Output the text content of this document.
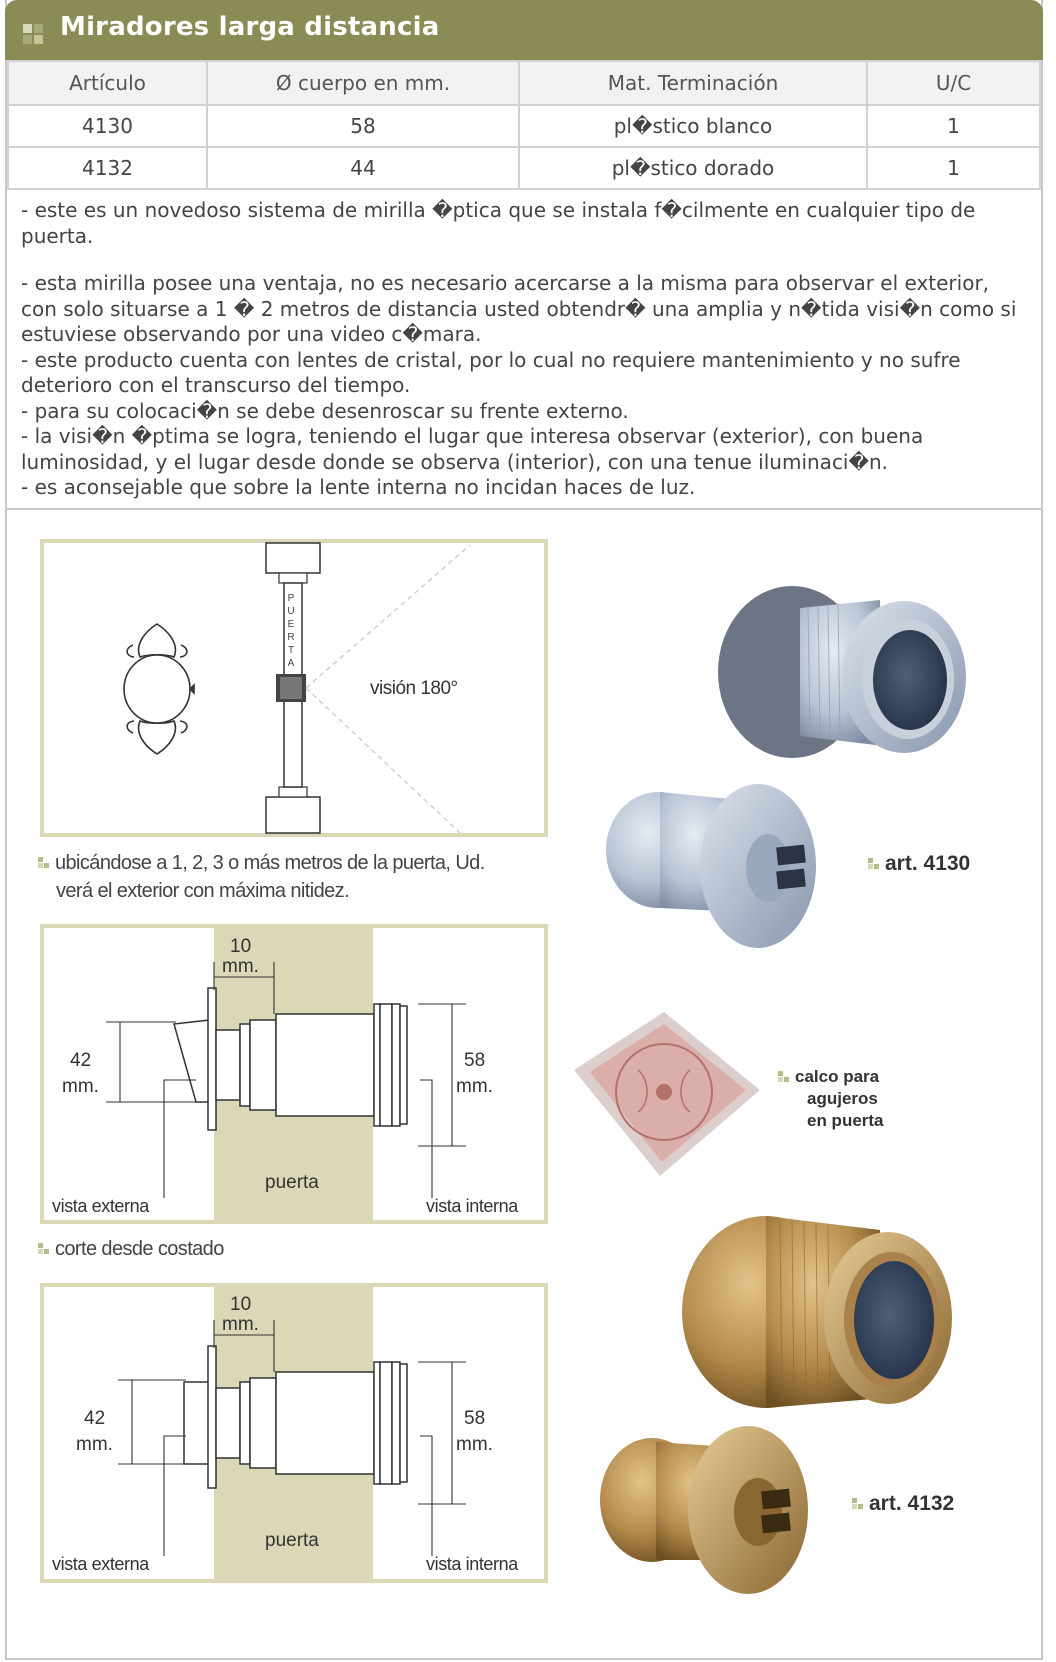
Miradores larga distancia
Artículo	Ø cuerpo en mm.	Mat. Terminación	U/C
4130	58	pl�stico blanco	1
4132	44	pl�stico dorado	1

- este es un novedoso sistema de mirilla �ptica que se instala f�cilmente en cualquier tipo de puerta.

- esta mirilla posee una ventaja, no es necesario acercarse a la misma para observar el exterior, con solo situarse a 1 � 2 metros de distancia usted obtendr� una amplia y n�tida visi�n como si estuviese observando por una video c�mara.

- este producto cuenta con lentes de cristal, por lo cual no requiere mantenimiento y no sufre deterioro con el transcurso del tiempo.

- para su colocaci�n se debe desenroscar su frente externo.

- la visi�n �ptima se logra, teniendo el lugar que interesa observar (exterior), con buena luminosidad, y el lugar desde donde se observa (interior), con una tenue iluminaci�n.

- es aconsejable que sobre la lente interna no incidan haces de luz.

P
U
E
R
T
A
visión 180°
ubicándose a 1, 2, 3 o más metros de la puerta, Ud.
verá el exterior con máxima nitidez.
10
mm.
42
mm.
58
mm.
puerta
vista externa	vista interna
corte desde costado
10
mm.
42
mm.
58
mm.
puerta
vista externa	vista interna
art. 4130
calco para
agujeros
en puerta
art. 4132
